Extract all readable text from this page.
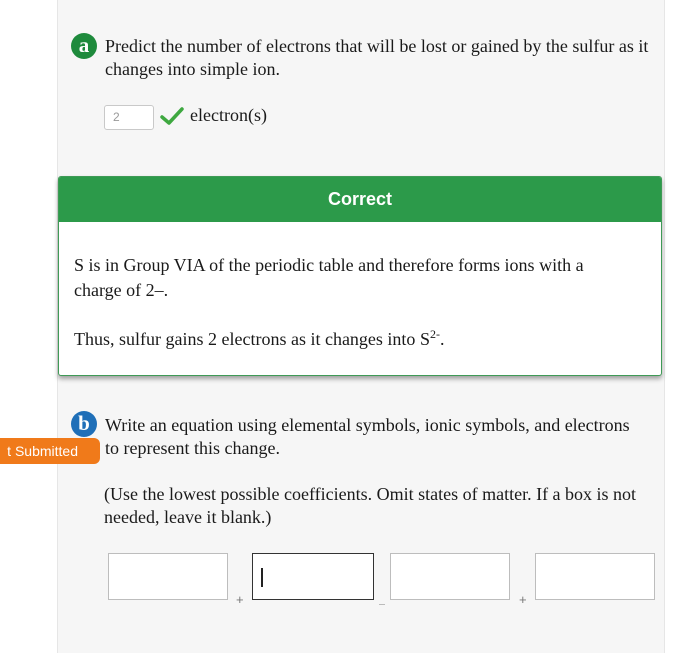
a Predict the number of electrons that will be lost or gained by the sulfur as it changes into simple ion.
2	electron(s)
Correct
S is in Group VIA of the periodic table and therefore forms ions with a charge of 2–.
Thus, sulfur gains 2 electrons as it changes into $S^{2-}$.
t Submitted
b Write an equation using elemental symbols, ionic symbols, and electrons to represent this change.
(Use the lowest possible coefficients. Omit states of matter. If a box is not needed, leave it blank.)
+	+
